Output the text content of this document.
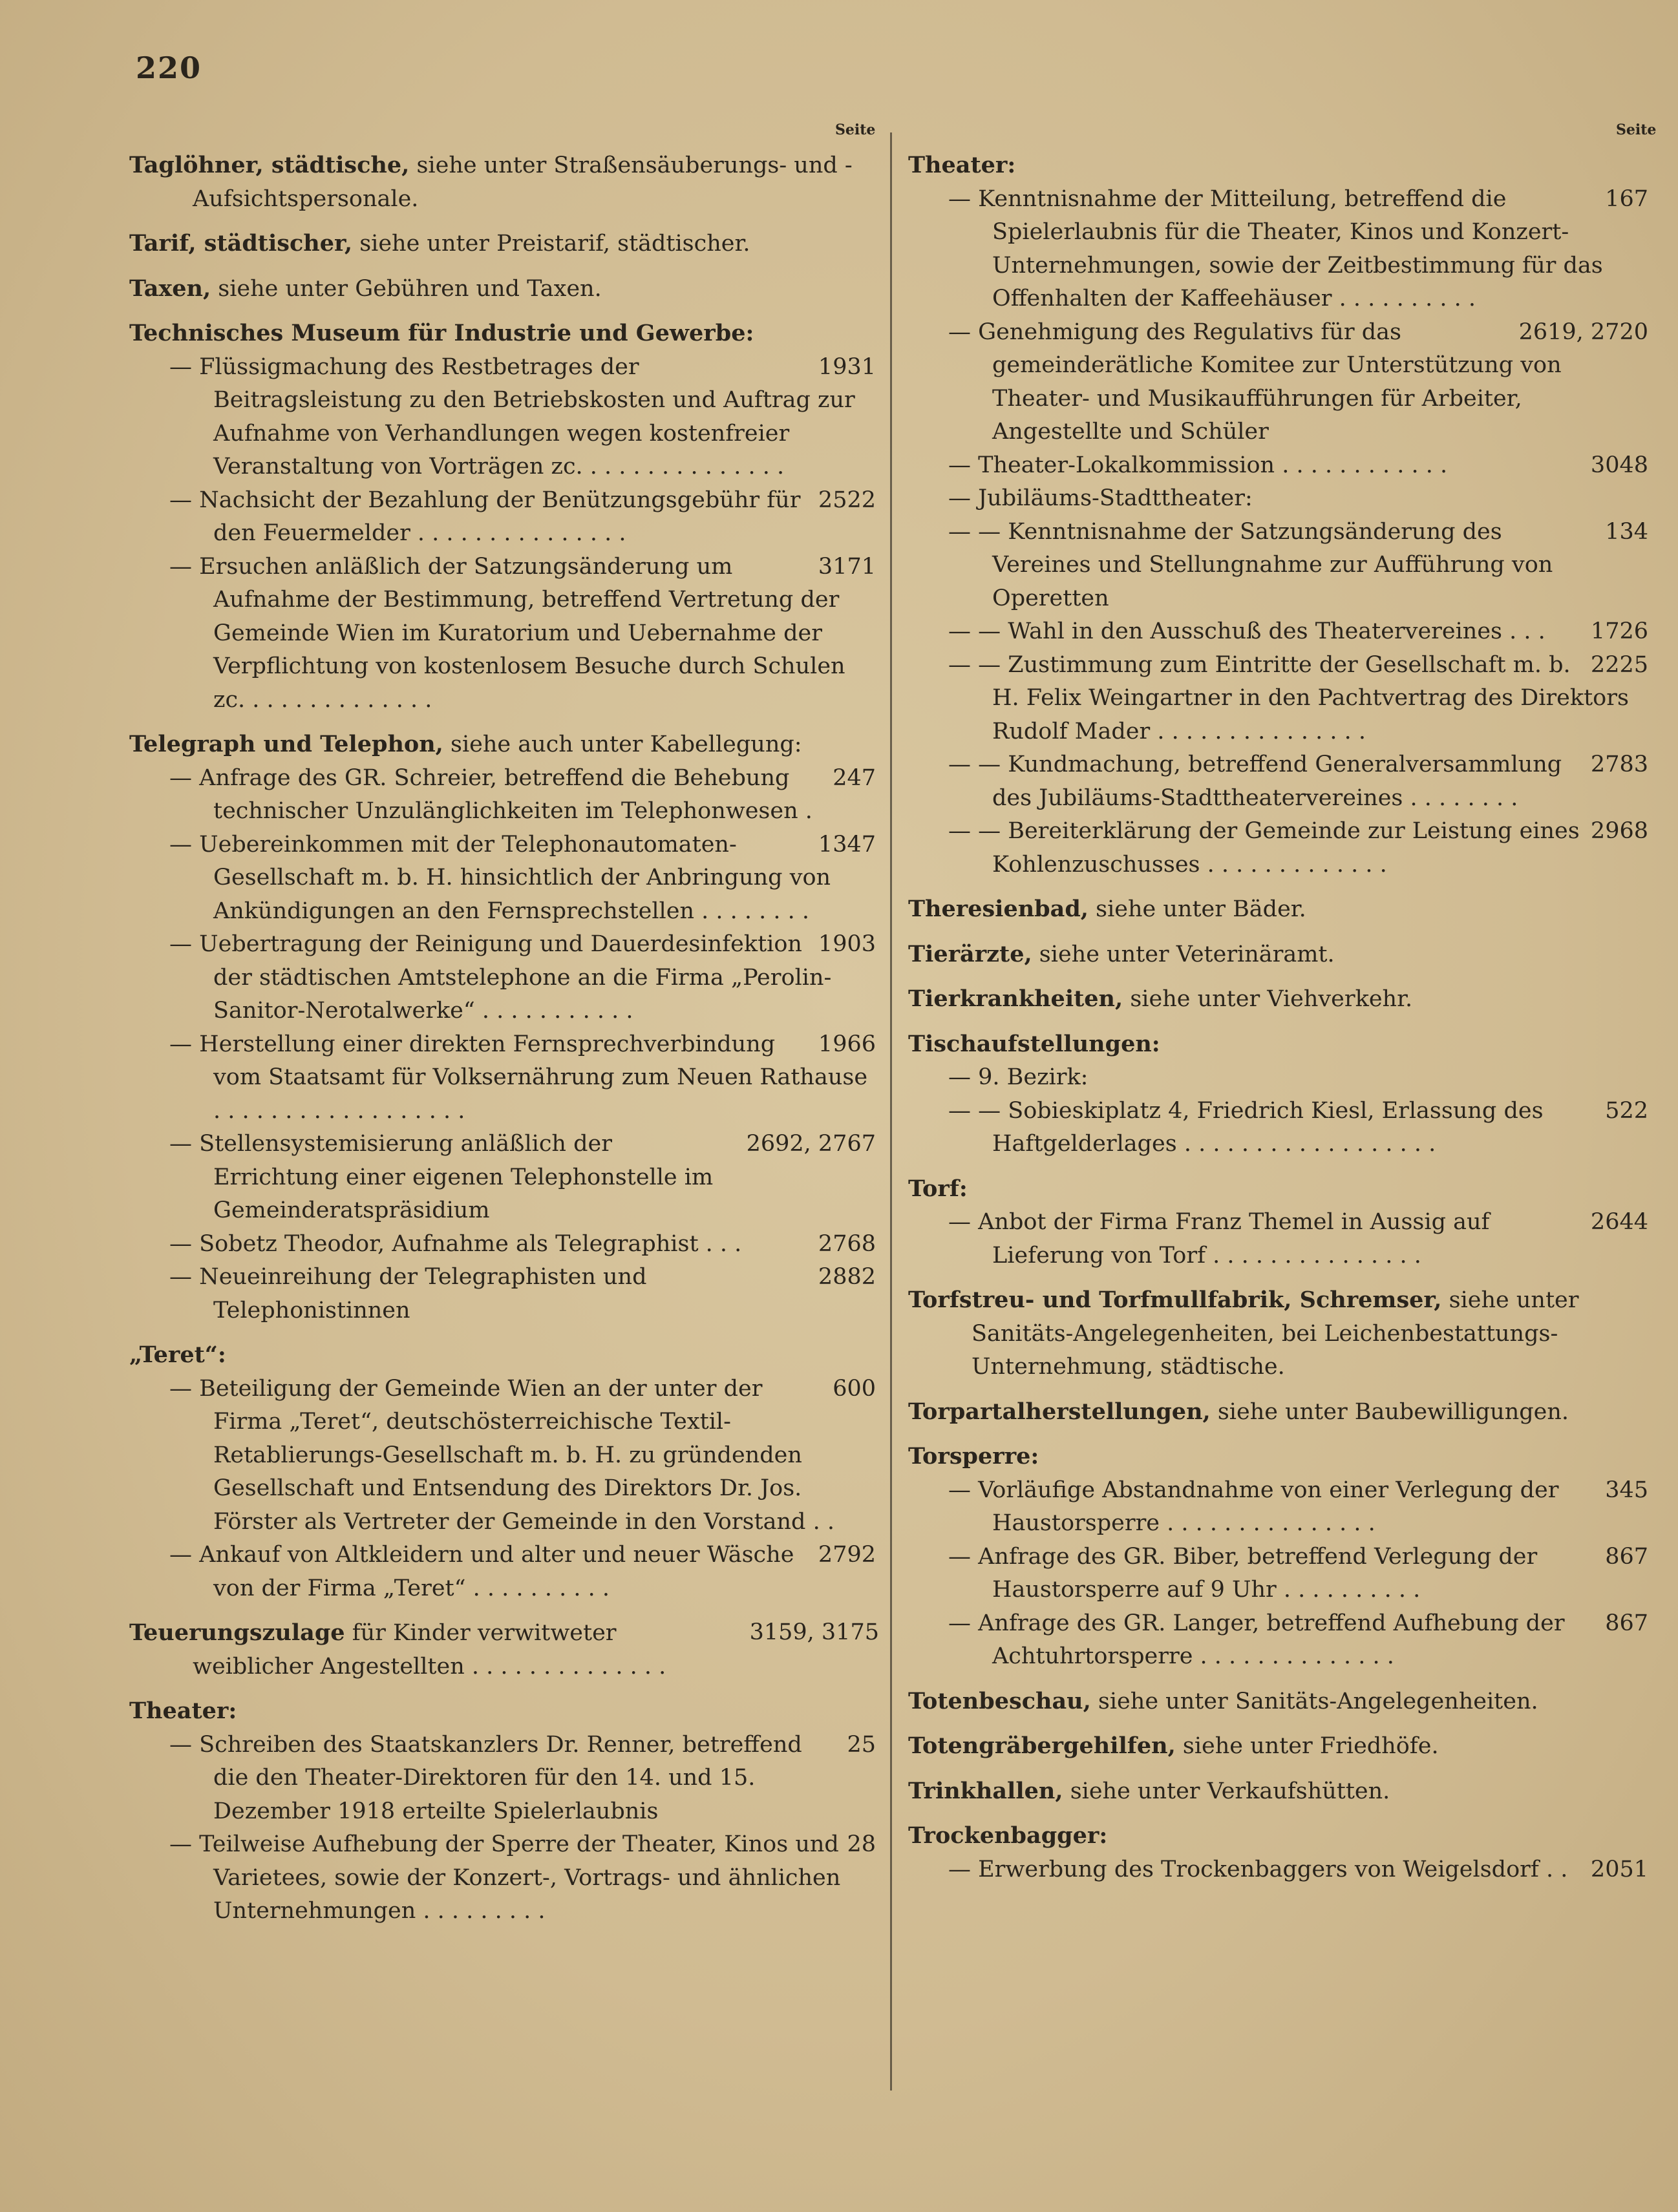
220
Seite	Seite
Taglöhner, städtische, siehe unter Straßensäuberungs- und -Aufsichtspersonale.
Tarif, städtischer, siehe unter Preistarif, städtischer.
Taxen, siehe unter Gebühren und Taxen.
Technisches Museum für Industrie und Gewerbe:
1931
— Flüssigmachung des Restbetrages der Beitragsleistung zu den Betriebskosten und Auftrag zur Aufnahme von Verhandlungen wegen kostenfreier Veranstaltung von Vorträgen zc. . . . . . . . . . . . . . .
2522
— Nachsicht der Bezahlung der Benützungsgebühr für den Feuermelder . . . . . . . . . . . . . . .
3171
— Ersuchen anläßlich der Satzungsänderung um Aufnahme der Bestimmung, betreffend Vertretung der Gemeinde Wien im Kuratorium und Uebernahme der Verpflichtung von kostenlosem Besuche durch Schulen zc. . . . . . . . . . . . . .
Telegraph und Telephon, siehe auch unter Kabellegung:
247
— Anfrage des GR. Schreier, betreffend die Behebung technischer Unzulänglichkeiten im Telephonwesen .
1347
— Uebereinkommen mit der Telephonautomaten-Gesellschaft m. b. H. hinsichtlich der Anbringung von Ankündigungen an den Fernsprechstellen . . . . . . . .
1903
— Uebertragung der Reinigung und Dauerdesinfektion der städtischen Amtstelephone an die Firma „Perolin-Sanitor-Nerotalwerke“ . . . . . . . . . . .
1966
— Herstellung einer direkten Fernsprechverbindung vom Staatsamt für Volksernährung zum Neuen Rathause . . . . . . . . . . . . . . . . . .
2692, 2767
— Stellensystemisierung anläßlich der Errichtung einer eigenen Telephonstelle im Gemeinderatspräsidium
2768
— Sobetz Theodor, Aufnahme als Telegraphist . . .
2882
— Neueinreihung der Telegraphisten und Telephonistinnen
„Teret“:
600
— Beteiligung der Gemeinde Wien an der unter der Firma „Teret“, deutschösterreichische Textil-Retablierungs-Gesellschaft m. b. H. zu gründenden Gesellschaft und Entsendung des Direktors Dr. Jos. Förster als Vertreter der Gemeinde in den Vorstand . .
2792
— Ankauf von Altkleidern und alter und neuer Wäsche von der Firma „Teret“ . . . . . . . . . .
3159, 3175
Teuerungszulage für Kinder verwitweter weiblicher Angestellten . . . . . . . . . . . . . .
Theater:
25
— Schreiben des Staatskanzlers Dr. Renner, betreffend die den Theater-Direktoren für den 14. und 15. Dezember 1918 erteilte Spielerlaubnis
28
— Teilweise Aufhebung der Sperre der Theater, Kinos und Varietees, sowie der Konzert-, Vortrags- und ähnlichen Unternehmungen . . . . . . . . .
Theater:
167
— Kenntnisnahme der Mitteilung, betreffend die Spielerlaubnis für die Theater, Kinos und Konzert-Unternehmungen, sowie der Zeitbestimmung für das Offenhalten der Kaffeehäuser . . . . . . . . . .
2619, 2720
— Genehmigung des Regulativs für das gemeinderätliche Komitee zur Unterstützung von Theater- und Musikaufführungen für Arbeiter, Angestellte und Schüler
3048
— Theater-Lokalkommission . . . . . . . . . . . .
— Jubiläums-Stadttheater:
134
— — Kenntnisnahme der Satzungsänderung des Vereines und Stellungnahme zur Aufführung von Operetten
1726
— — Wahl in den Ausschuß des Theatervereines . . .
2225
— — Zustimmung zum Eintritte der Gesellschaft m. b. H. Felix Weingartner in den Pachtvertrag des Direktors Rudolf Mader . . . . . . . . . . . . . . .
2783
— — Kundmachung, betreffend Generalversammlung des Jubiläums-Stadttheatervereines . . . . . . . .
2968
— — Bereiterklärung der Gemeinde zur Leistung eines Kohlenzuschusses . . . . . . . . . . . . .
Theresienbad, siehe unter Bäder.
Tierärzte, siehe unter Veterinäramt.
Tierkrankheiten, siehe unter Viehverkehr.
Tischaufstellungen:
— 9. Bezirk:
522
— — Sobieskiplatz 4, Friedrich Kiesl, Erlassung des Haftgelderlages . . . . . . . . . . . . . . . . . .
Torf:
2644
— Anbot der Firma Franz Themel in Aussig auf Lieferung von Torf . . . . . . . . . . . . . . .
Torfstreu- und Torfmullfabrik, Schremser, siehe unter Sanitäts-Angelegenheiten, bei Leichenbestattungs-Unternehmung, städtische.
Torpartalherstellungen, siehe unter Baubewilligungen.
Torsperre:
345
— Vorläufige Abstandnahme von einer Verlegung der Haustorsperre . . . . . . . . . . . . . . .
867
— Anfrage des GR. Biber, betreffend Verlegung der Haustorsperre auf 9 Uhr . . . . . . . . . .
867
— Anfrage des GR. Langer, betreffend Aufhebung der Achtuhrtorsperre . . . . . . . . . . . . . .
Totenbeschau, siehe unter Sanitäts-Angelegenheiten.
Totengräbergehilfen, siehe unter Friedhöfe.
Trinkhallen, siehe unter Verkaufshütten.
Trockenbagger:
2051
— Erwerbung des Trockenbaggers von Weigelsdorf . .
